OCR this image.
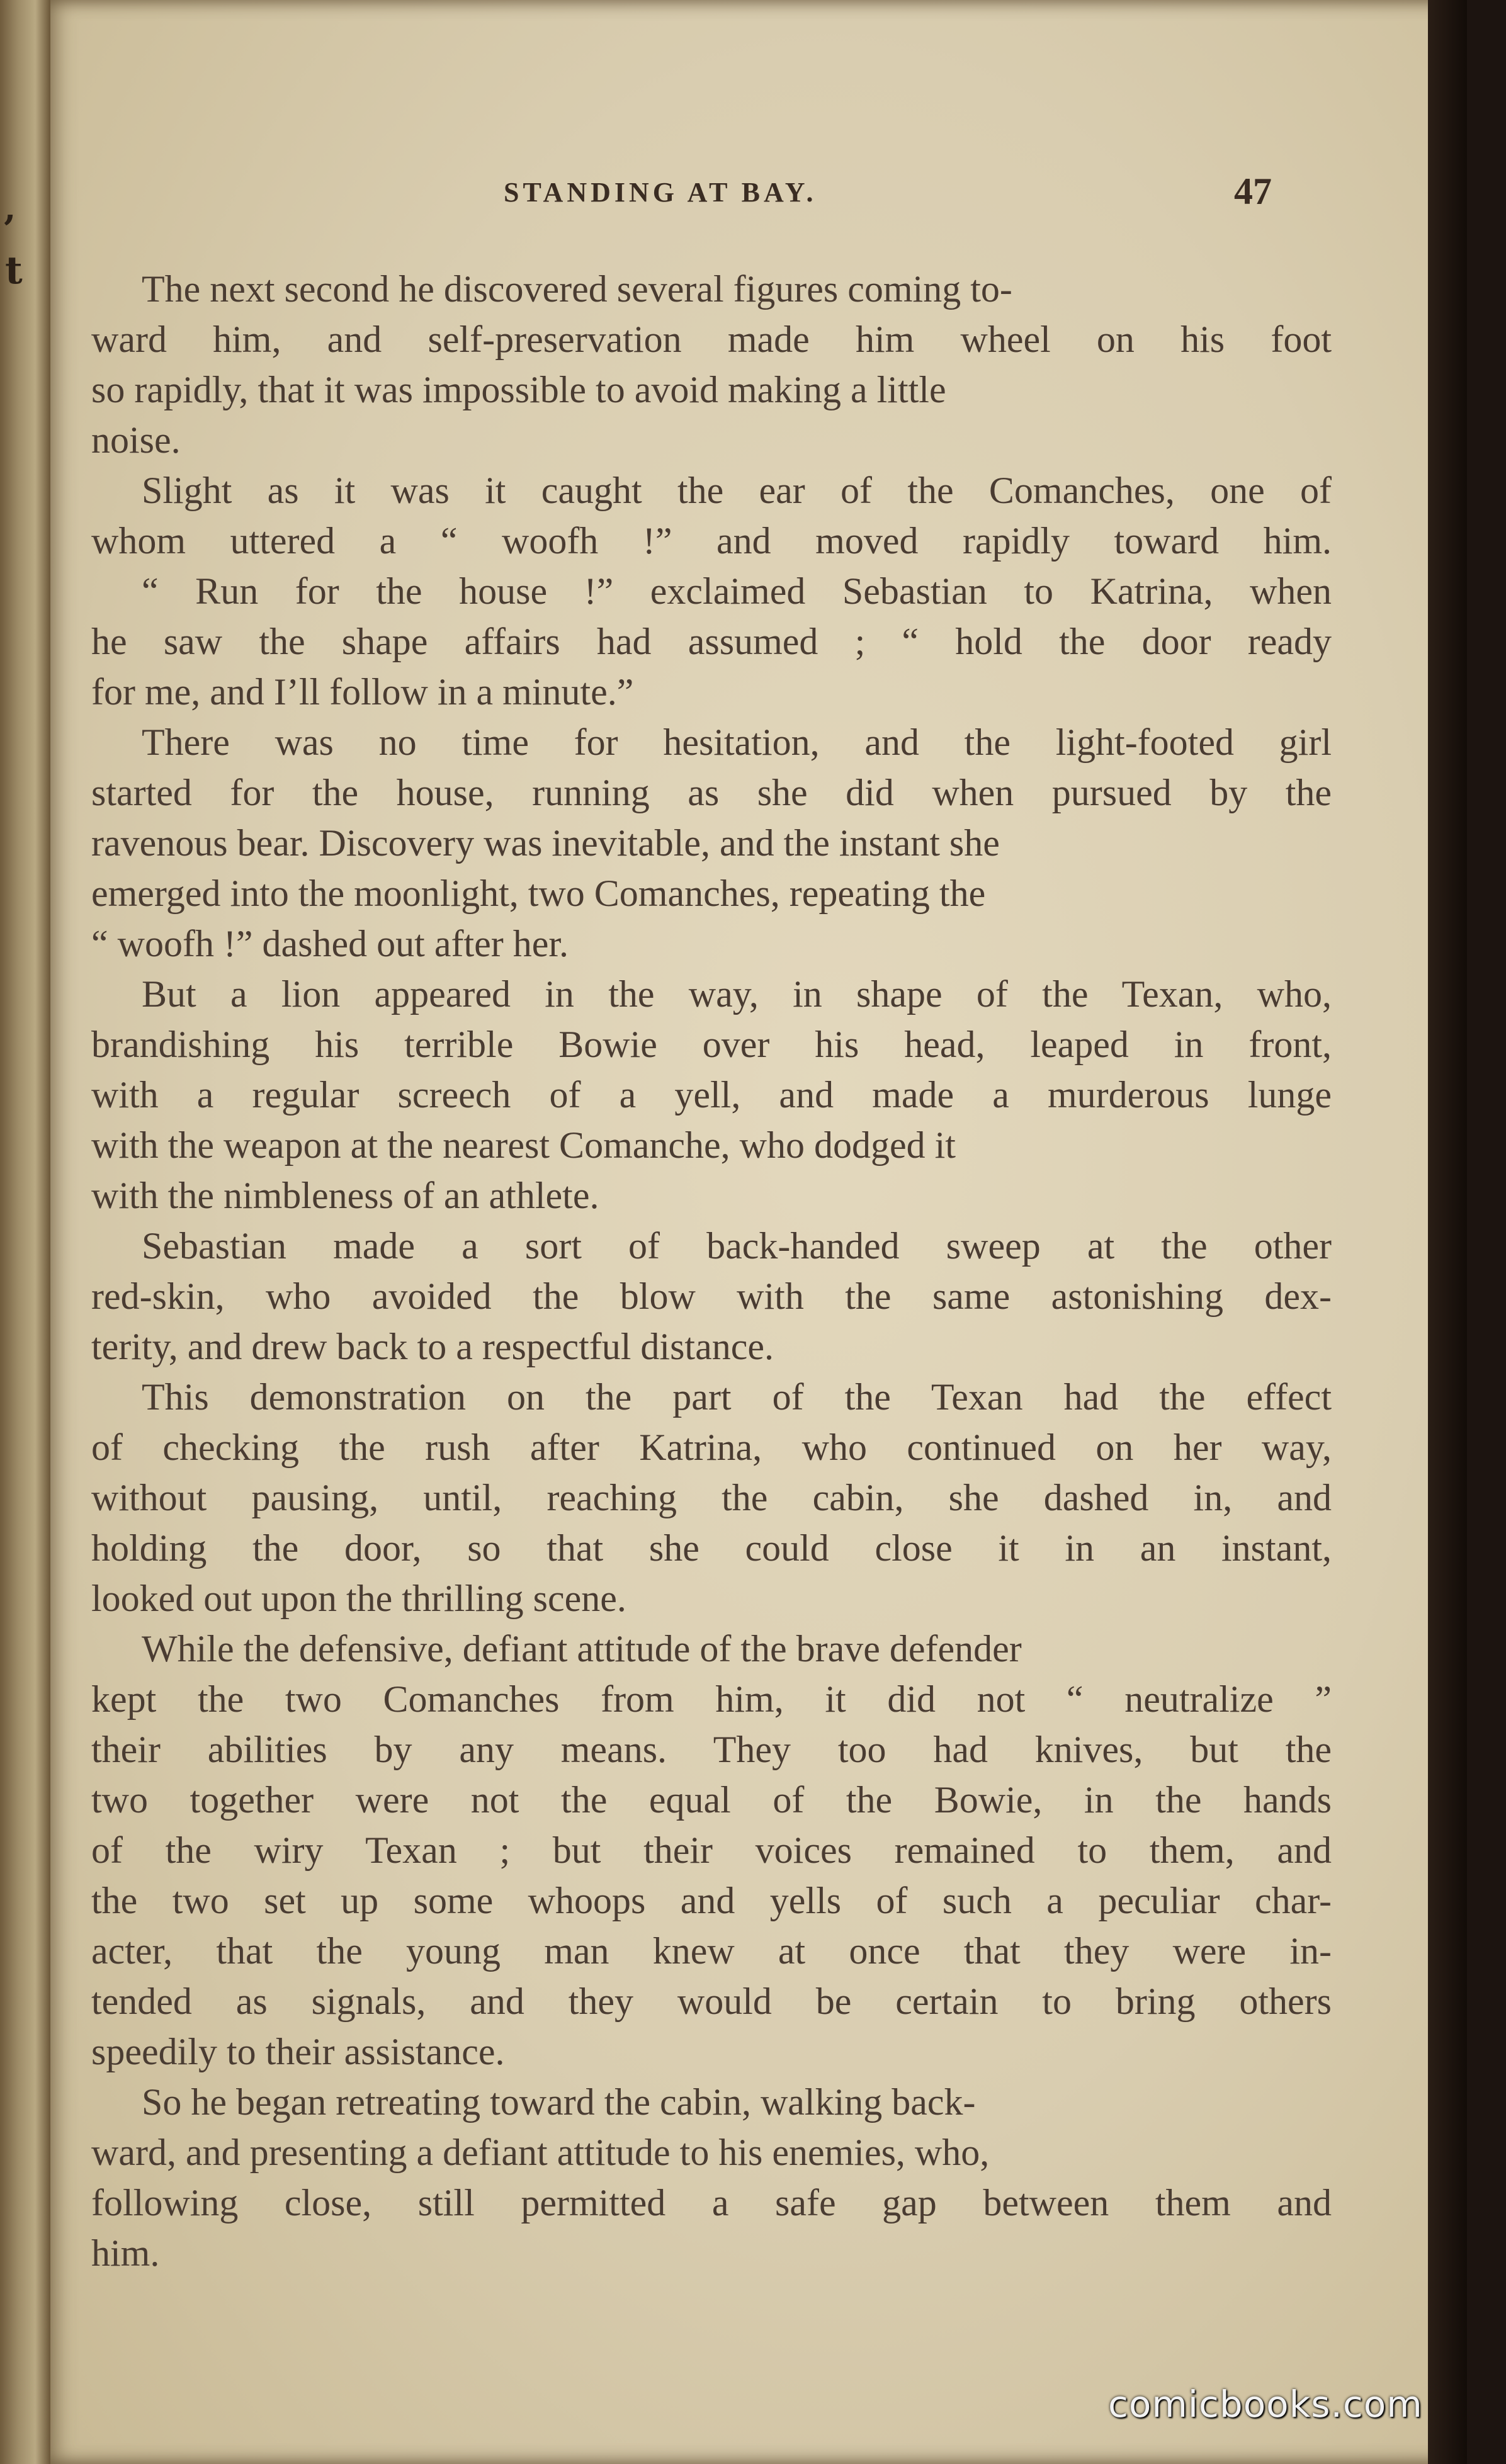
’
t
STANDING AT BAY.	47
The next second he discovered several figures coming to-
ward him, and self-preservation made him wheel on his foot
so rapidly, that it was impossible to avoid making a little
noise.
Slight as it was it caught the ear of the Comanches, one of
whom uttered a “ woofh !” and moved rapidly toward him.
“ Run for the house !” exclaimed Sebastian to Katrina, when
he saw the shape affairs had assumed ; “ hold the door ready
for me, and I’ll follow in a minute.”
There was no time for hesitation, and the light-footed girl
started for the house, running as she did when pursued by the
ravenous bear. Discovery was inevitable, and the instant she
emerged into the moonlight, two Comanches, repeating the
“ woofh !” dashed out after her.
But a lion appeared in the way, in shape of the Texan, who,
brandishing his terrible Bowie over his head, leaped in front,
with a regular screech of a yell, and made a murderous lunge
with the weapon at the nearest Comanche, who dodged it
with the nimbleness of an athlete.
Sebastian made a sort of back-handed sweep at the other
red-skin, who avoided the blow with the same astonishing dex-
terity, and drew back to a respectful distance.
This demonstration on the part of the Texan had the effect
of checking the rush after Katrina, who continued on her way,
without pausing, until, reaching the cabin, she dashed in, and
holding the door, so that she could close it in an instant,
looked out upon the thrilling scene.
While the defensive, defiant attitude of the brave defender
kept the two Comanches from him, it did not “ neutralize ”
their abilities by any means. They too had knives, but the
two together were not the equal of the Bowie, in the hands
of the wiry Texan ; but their voices remained to them, and
the two set up some whoops and yells of such a peculiar char-
acter, that the young man knew at once that they were in-
tended as signals, and they would be certain to bring others
speedily to their assistance.
So he began retreating toward the cabin, walking back-
ward, and presenting a defiant attitude to his enemies, who,
following close, still permitted a safe gap between them and
him.
comicbooks.com
